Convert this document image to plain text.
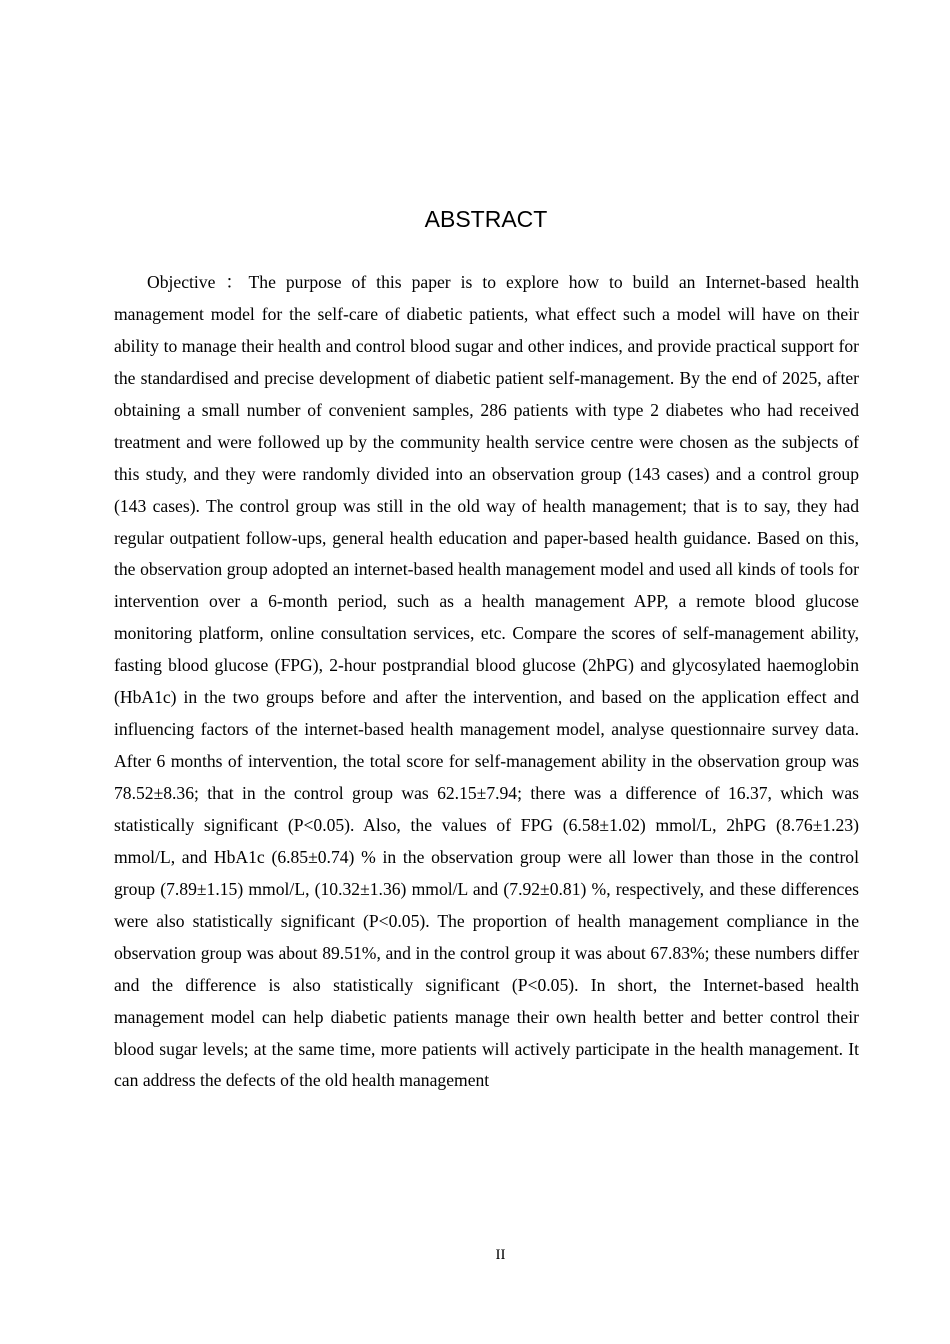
ABSTRACT

Objective ：The purpose of this paper is to explore how to build an Internet-based health management model for the self-care of diabetic patients, what effect such a model will have on their ability to manage their health and control blood sugar and other indices, and provide practical support for the standardised and precise development of diabetic patient self-management. By the end of 2025, after obtaining a small number of convenient samples, 286 patients with type 2 diabetes who had received treatment and were followed up by the community health service centre were chosen as the subjects of this study, and they were randomly divided into an observation group (143 cases) and a control group (143 cases). The control group was still in the old way of health management; that is to say, they had regular outpatient follow-ups, general health education and paper-based health guidance. Based on this, the observation group adopted an internet-based health management model and used all kinds of tools for intervention over a 6-month period, such as a health management APP, a remote blood glucose monitoring platform, online consultation services, etc. Compare the scores of self-management ability, fasting blood glucose (FPG), 2-hour postprandial blood glucose (2hPG) and glycosylated haemoglobin (HbA1c) in the two groups before and after the intervention, and based on the application effect and influencing factors of the internet-based health management model, analyse questionnaire survey data. After 6 months of intervention, the total score for self-management ability in the observation group was 78.52±8.36; that in the control group was 62.15±7.94; there was a difference of 16.37, which was statistically significant (P<0.05). Also, the values of FPG (6.58±1.02) mmol/L, 2hPG (8.76±1.23) mmol/L, and HbA1c (6.85±0.74) % in the observation group were all lower than those in the control group (7.89±1.15) mmol/L, (10.32±1.36) mmol/L and (7.92±0.81) %, respectively, and these differences were also statistically significant (P<0.05). The proportion of health management compliance in the observation group was about 89.51%, and in the control group it was about 67.83%; these numbers differ and the difference is also statistically significant (P<0.05). In short, the Internet-based health management model can help diabetic patients manage their own health better and better control their blood sugar levels; at the same time, more patients will actively participate in the health management. It can address the defects of the old health management

II
